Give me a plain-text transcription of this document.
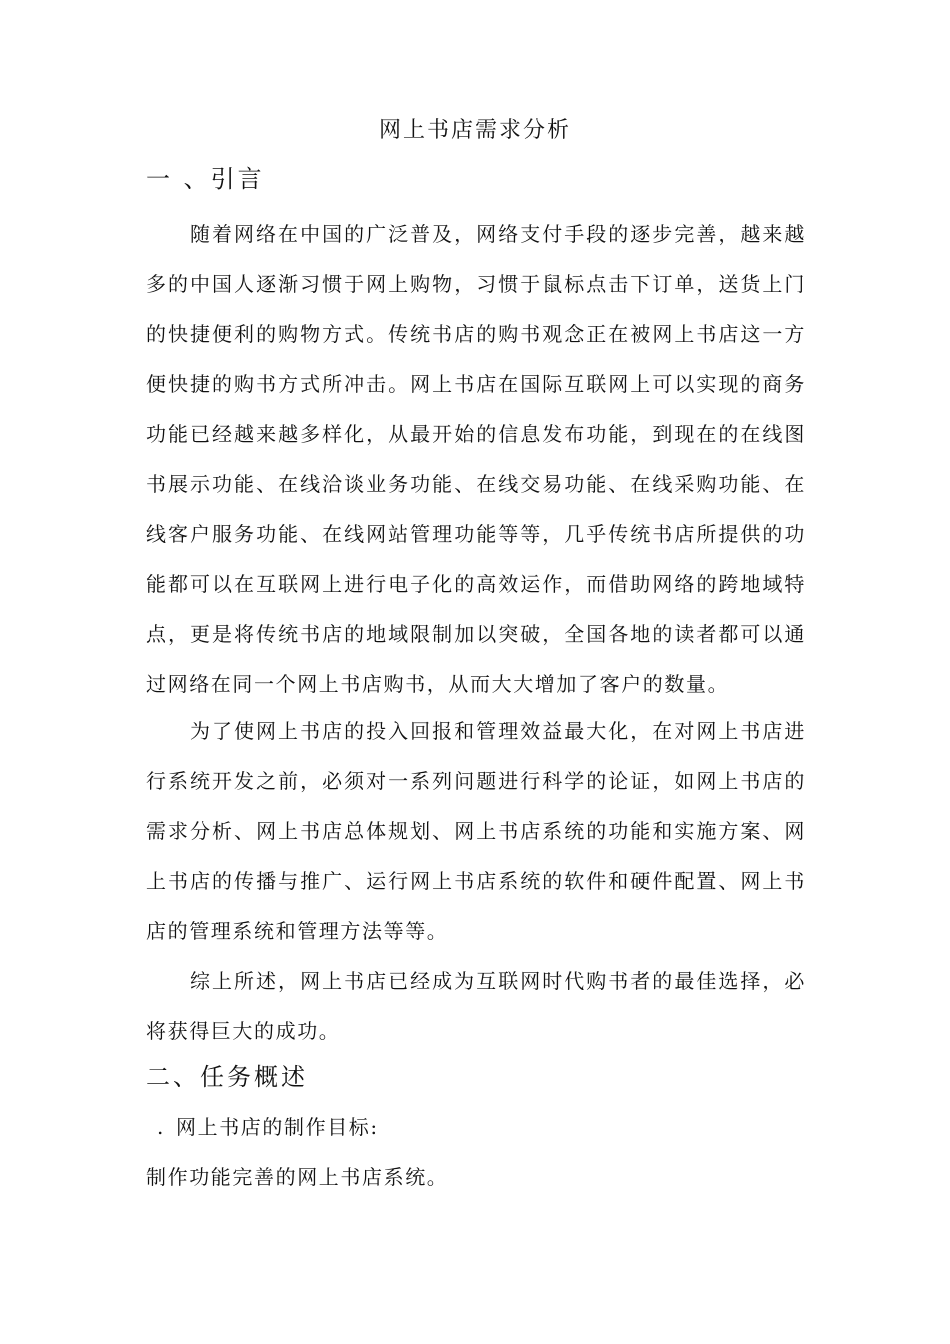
网上书店需求分析
一 、引言

随着网络在中国的广泛普及，网络支付手段的逐步完善，越来越多的中国人逐渐习惯于网上购物，习惯于鼠标点击下订单，送货上门的快捷便利的购物方式。传统书店的购书观念正在被网上书店这一方便快捷的购书方式所冲击。网上书店在国际互联网上可以实现的商务功能已经越来越多样化，从最开始的信息发布功能，到现在的在线图书展示功能、在线洽谈业务功能、在线交易功能、在线采购功能、在线客户服务功能、在线网站管理功能等等，几乎传统书店所提供的功能都可以在互联网上进行电子化的高效运作，而借助网络的跨地域特点，更是将传统书店的地域限制加以突破，全国各地的读者都可以通过网络在同一个网上书店购书，从而大大增加了客户的数量。

为了使网上书店的投入回报和管理效益最大化，在对网上书店进行系统开发之前，必须对一系列问题进行科学的论证，如网上书店的需求分析、网上书店总体规划、网上书店系统的功能和实施方案、网上书店的传播与推广、运行网上书店系统的软件和硬件配置、网上书店的管理系统和管理方法等等。

综上所述，网上书店已经成为互联网时代购书者的最佳选择，必将获得巨大的成功。

二、任务概述
. 网上书店的制作目标:
制作功能完善的网上书店系统。
